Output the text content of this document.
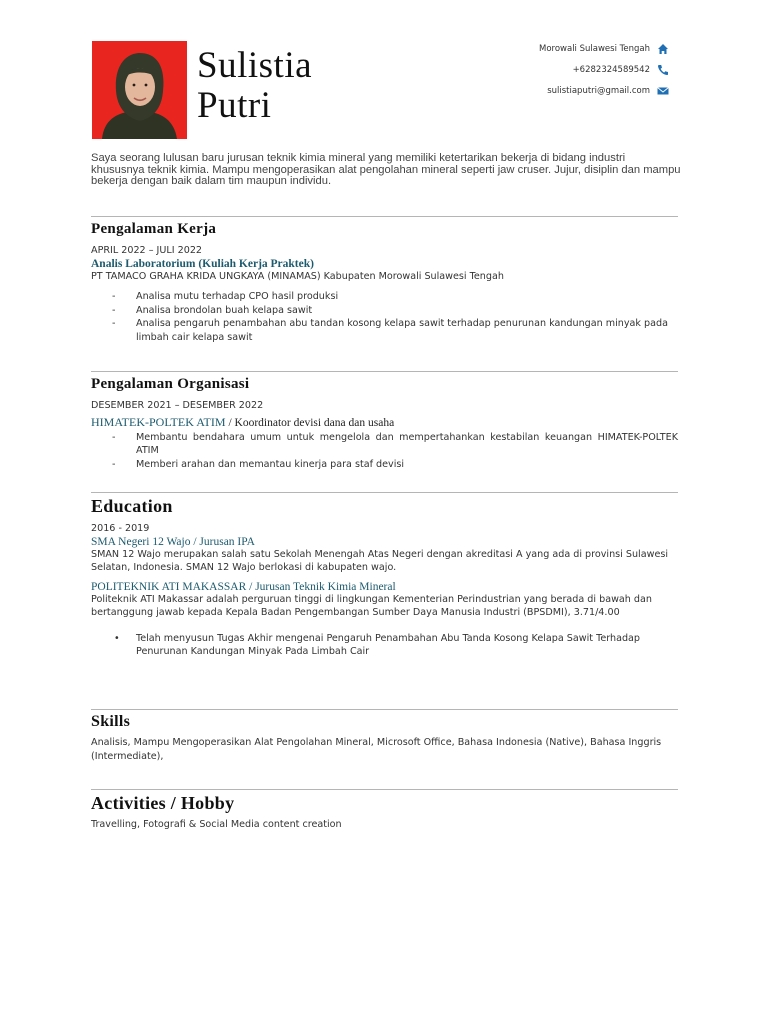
Sulistia
Putri
Morowali Sulawesi Tengah
+6282324589542
sulistiaputri@gmail.com
Saya seorang lulusan baru jurusan teknik kimia mineral yang memiliki ketertarikan bekerja di bidang industri khususnya teknik kimia. Mampu mengoperasikan alat pengolahan mineral seperti jaw cruser. Jujur, disiplin dan mampu bekerja dengan baik dalam tim maupun individu.
Pengalaman Kerja
APRIL 2022 – JULI 2022
Analis Laboratorium (Kuliah Kerja Praktek)
PT TAMACO GRAHA KRIDA UNGKAYA (MINAMAS) Kabupaten Morowali Sulawesi Tengah
- Analisa mutu terhadap CPO hasil produksi
- Analisa brondolan buah kelapa sawit
- Analisa pengaruh penambahan abu tandan kosong kelapa sawit terhadap penurunan kandungan minyak pada limbah cair kelapa sawit
Pengalaman Organisasi
DESEMBER 2021 – DESEMBER 2022
HIMATEK-POLTEK ATIM / Koordinator devisi dana dan usaha
- Membantu bendahara umum untuk mengelola dan mempertahankan kestabilan keuangan HIMATEK-POLTEK ATIM
- Memberi arahan dan memantau kinerja para staf devisi
Education
2016 - 2019
SMA Negeri 12 Wajo / Jurusan IPA
SMAN 12 Wajo merupakan salah satu Sekolah Menengah Atas Negeri dengan akreditasi A yang ada di provinsi Sulawesi Selatan, Indonesia. SMAN 12 Wajo berlokasi di kabupaten wajo.
POLITEKNIK ATI MAKASSAR / Jurusan Teknik Kimia Mineral
Politeknik ATI Makassar adalah perguruan tinggi di lingkungan Kementerian Perindustrian yang berada di bawah dan bertanggung jawab kepada Kepala Badan Pengembangan Sumber Daya Manusia Industri (BPSDMI), 3.71/4.00
• Telah menyusun Tugas Akhir mengenai Pengaruh Penambahan Abu Tanda Kosong Kelapa Sawit Terhadap Penurunan Kandungan Minyak Pada Limbah Cair
Skills
Analisis, Mampu Mengoperasikan Alat Pengolahan Mineral, Microsoft Office, Bahasa Indonesia (Native), Bahasa Inggris (Intermediate),
Activities / Hobby
Travelling, Fotografi & Social Media content creation
